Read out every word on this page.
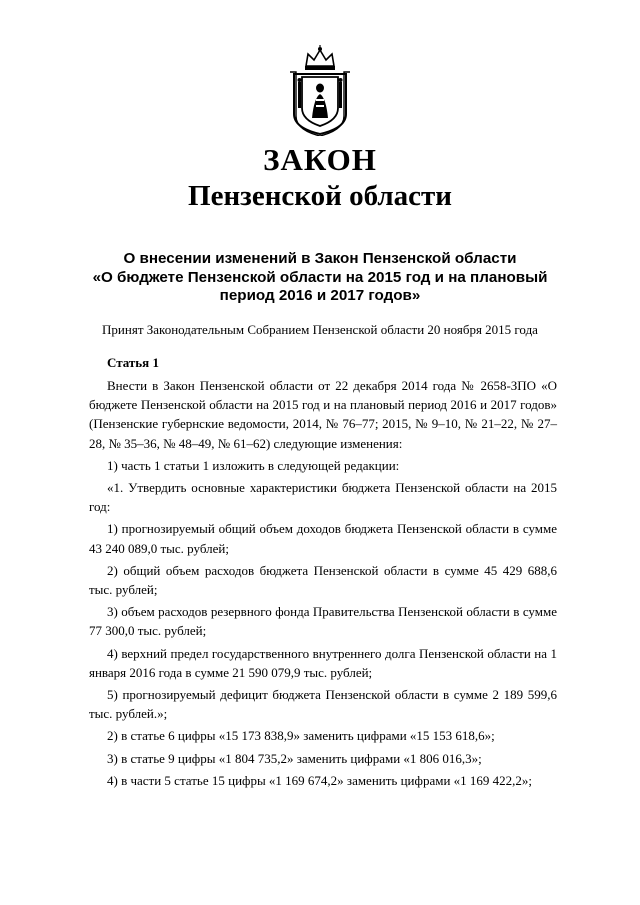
ЗАКОН
Пензенской области
О внесении изменений в Закон Пензенской области
«О бюджете Пензенской области на 2015 год и на плановый
период 2016 и 2017 годов»
Принят Законодательным Собранием Пензенской области 20 ноября 2015 года
Статья 1

Внести в Закон Пензенской области от 22 декабря 2014 года № 2658-ЗПО «О бюджете Пензенской области на 2015 год и на плановый период 2016 и 2017 годов» (Пензенские губернские ведомости, 2014, № 76–77; 2015, № 9–10, № 21–22, № 27–28, № 35–36, № 48–49, № 61–62) следующие изменения:

1) часть 1 статьи 1 изложить в следующей редакции:

«1. Утвердить основные характеристики бюджета Пензенской области на 2015 год:

1) прогнозируемый общий объем доходов бюджета Пензенской области в сумме 43 240 089,0 тыс. рублей;

2) общий объем расходов бюджета Пензенской области в сумме 45 429 688,6 тыс. рублей;

3) объем расходов резервного фонда Правительства Пензенской области в сумме 77 300,0 тыс. рублей;

4) верхний предел государственного внутреннего долга Пензенской области на 1 января 2016 года в сумме 21 590 079,9 тыс. рублей;

5) прогнозируемый дефицит бюджета Пензенской области в сумме 2 189 599,6 тыс. рублей.»;

2) в статье 6 цифры «15 173 838,9» заменить цифрами «15 153 618,6»;

3) в статье 9 цифры «1 804 735,2» заменить цифрами «1 806 016,3»;

4) в части 5 статье 15 цифры «1 169 674,2» заменить цифрами «1 169 422,2»;
